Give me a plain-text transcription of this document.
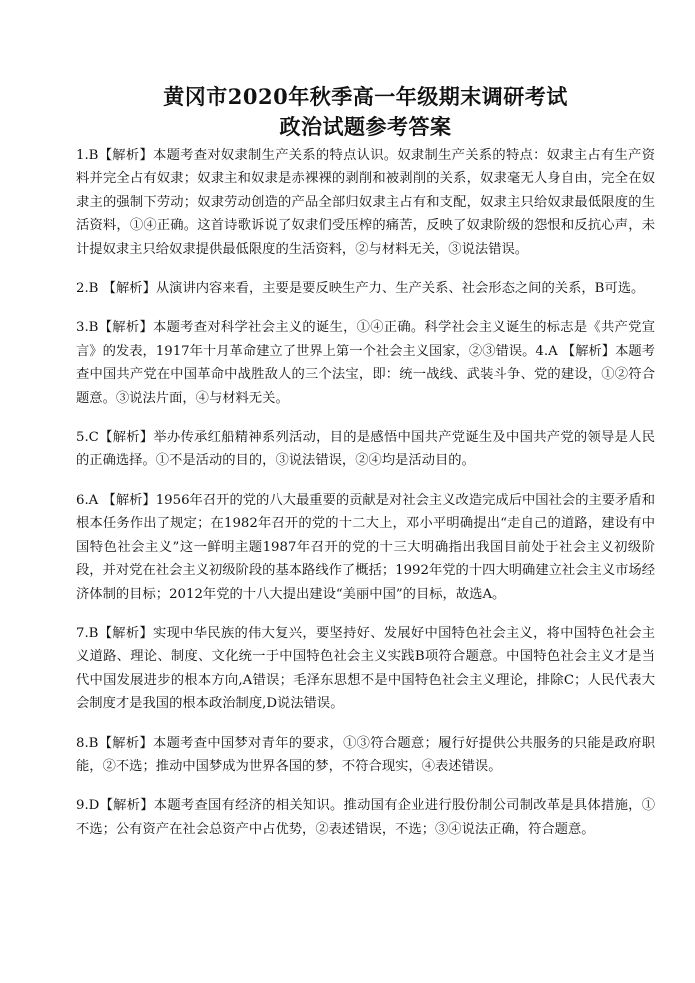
黄冈市2020年秋季高一年级期末调研考试
政治试题参考答案

1.B【解析】本题考查对奴隶制生产关系的特点认识。奴隶制生产关系的特点：奴隶主占有生产资料并完全占有奴隶；奴隶主和奴隶是赤裸裸的剥削和被剥削的关系，奴隶毫无人身自由，完全在奴隶主的强制下劳动；奴隶劳动创造的产品全部归奴隶主占有和支配，奴隶主只给奴隶最低限度的生活资料，①④正确。这首诗歌诉说了奴隶们受压榨的痛苦，反映了奴隶阶级的怨恨和反抗心声，未计提奴隶主只给奴隶提供最低限度的生活资料，②与材料无关，③说法错误。

2.B 【解析】从演讲内容来看，主要是要反映生产力、生产关系、社会形态之间的关系，B可选。

3.B【解析】本题考查对科学社会主义的诞生，①④正确。科学社会主义诞生的标志是《共产党宣言》的发表，1917年十月革命建立了世界上第一个社会主义国家，②③错误。4.A 【解析】本题考查中国共产党在中国革命中战胜敌人的三个法宝，即：统一战线、武装斗争、党的建设，①②符合题意。③说法片面，④与材料无关。

5.C【解析】举办传承红船精神系列活动，目的是感悟中国共产党诞生及中国共产党的领导是人民的正确选择。①不是活动的目的，③说法错误，②④均是活动目的。

6.A 【解析】1956年召开的党的八大最重要的贡献是对社会主义改造完成后中国社会的主要矛盾和根本任务作出了规定；在1982年召开的党的十二大上，邓小平明确提出“走自己的道路，建设有中国特色社会主义”这一鲜明主题1987年召开的党的十三大明确指出我国目前处于社会主义初级阶段，并对党在社会主义初级阶段的基本路线作了概括；1992年党的十四大明确建立社会主义市场经济体制的目标；2012年党的十八大提出建设“美丽中国”的目标，故选A。

7.B【解析】实现中华民族的伟大复兴，要坚持好、发展好中国特色社会主义，将中国特色社会主义道路、理论、制度、文化统一于中国特色社会主义实践B项符合题意。中国特色社会主义才是当代中国发展进步的根本方向,A错误；毛泽东思想不是中国特色社会主义理论，排除C；人民代表大会制度才是我国的根本政治制度,D说法错误。

8.B【解析】本题考查中国梦对青年的要求，①③符合题意；履行好提供公共服务的只能是政府职能，②不选；推动中国梦成为世界各国的梦，不符合现实，④表述错误。

9.D【解析】本题考查国有经济的相关知识。推动国有企业进行股份制公司制改革是具体措施，①不选；公有资产在社会总资产中占优势，②表述错误，不选；③④说法正确，符合题意。
